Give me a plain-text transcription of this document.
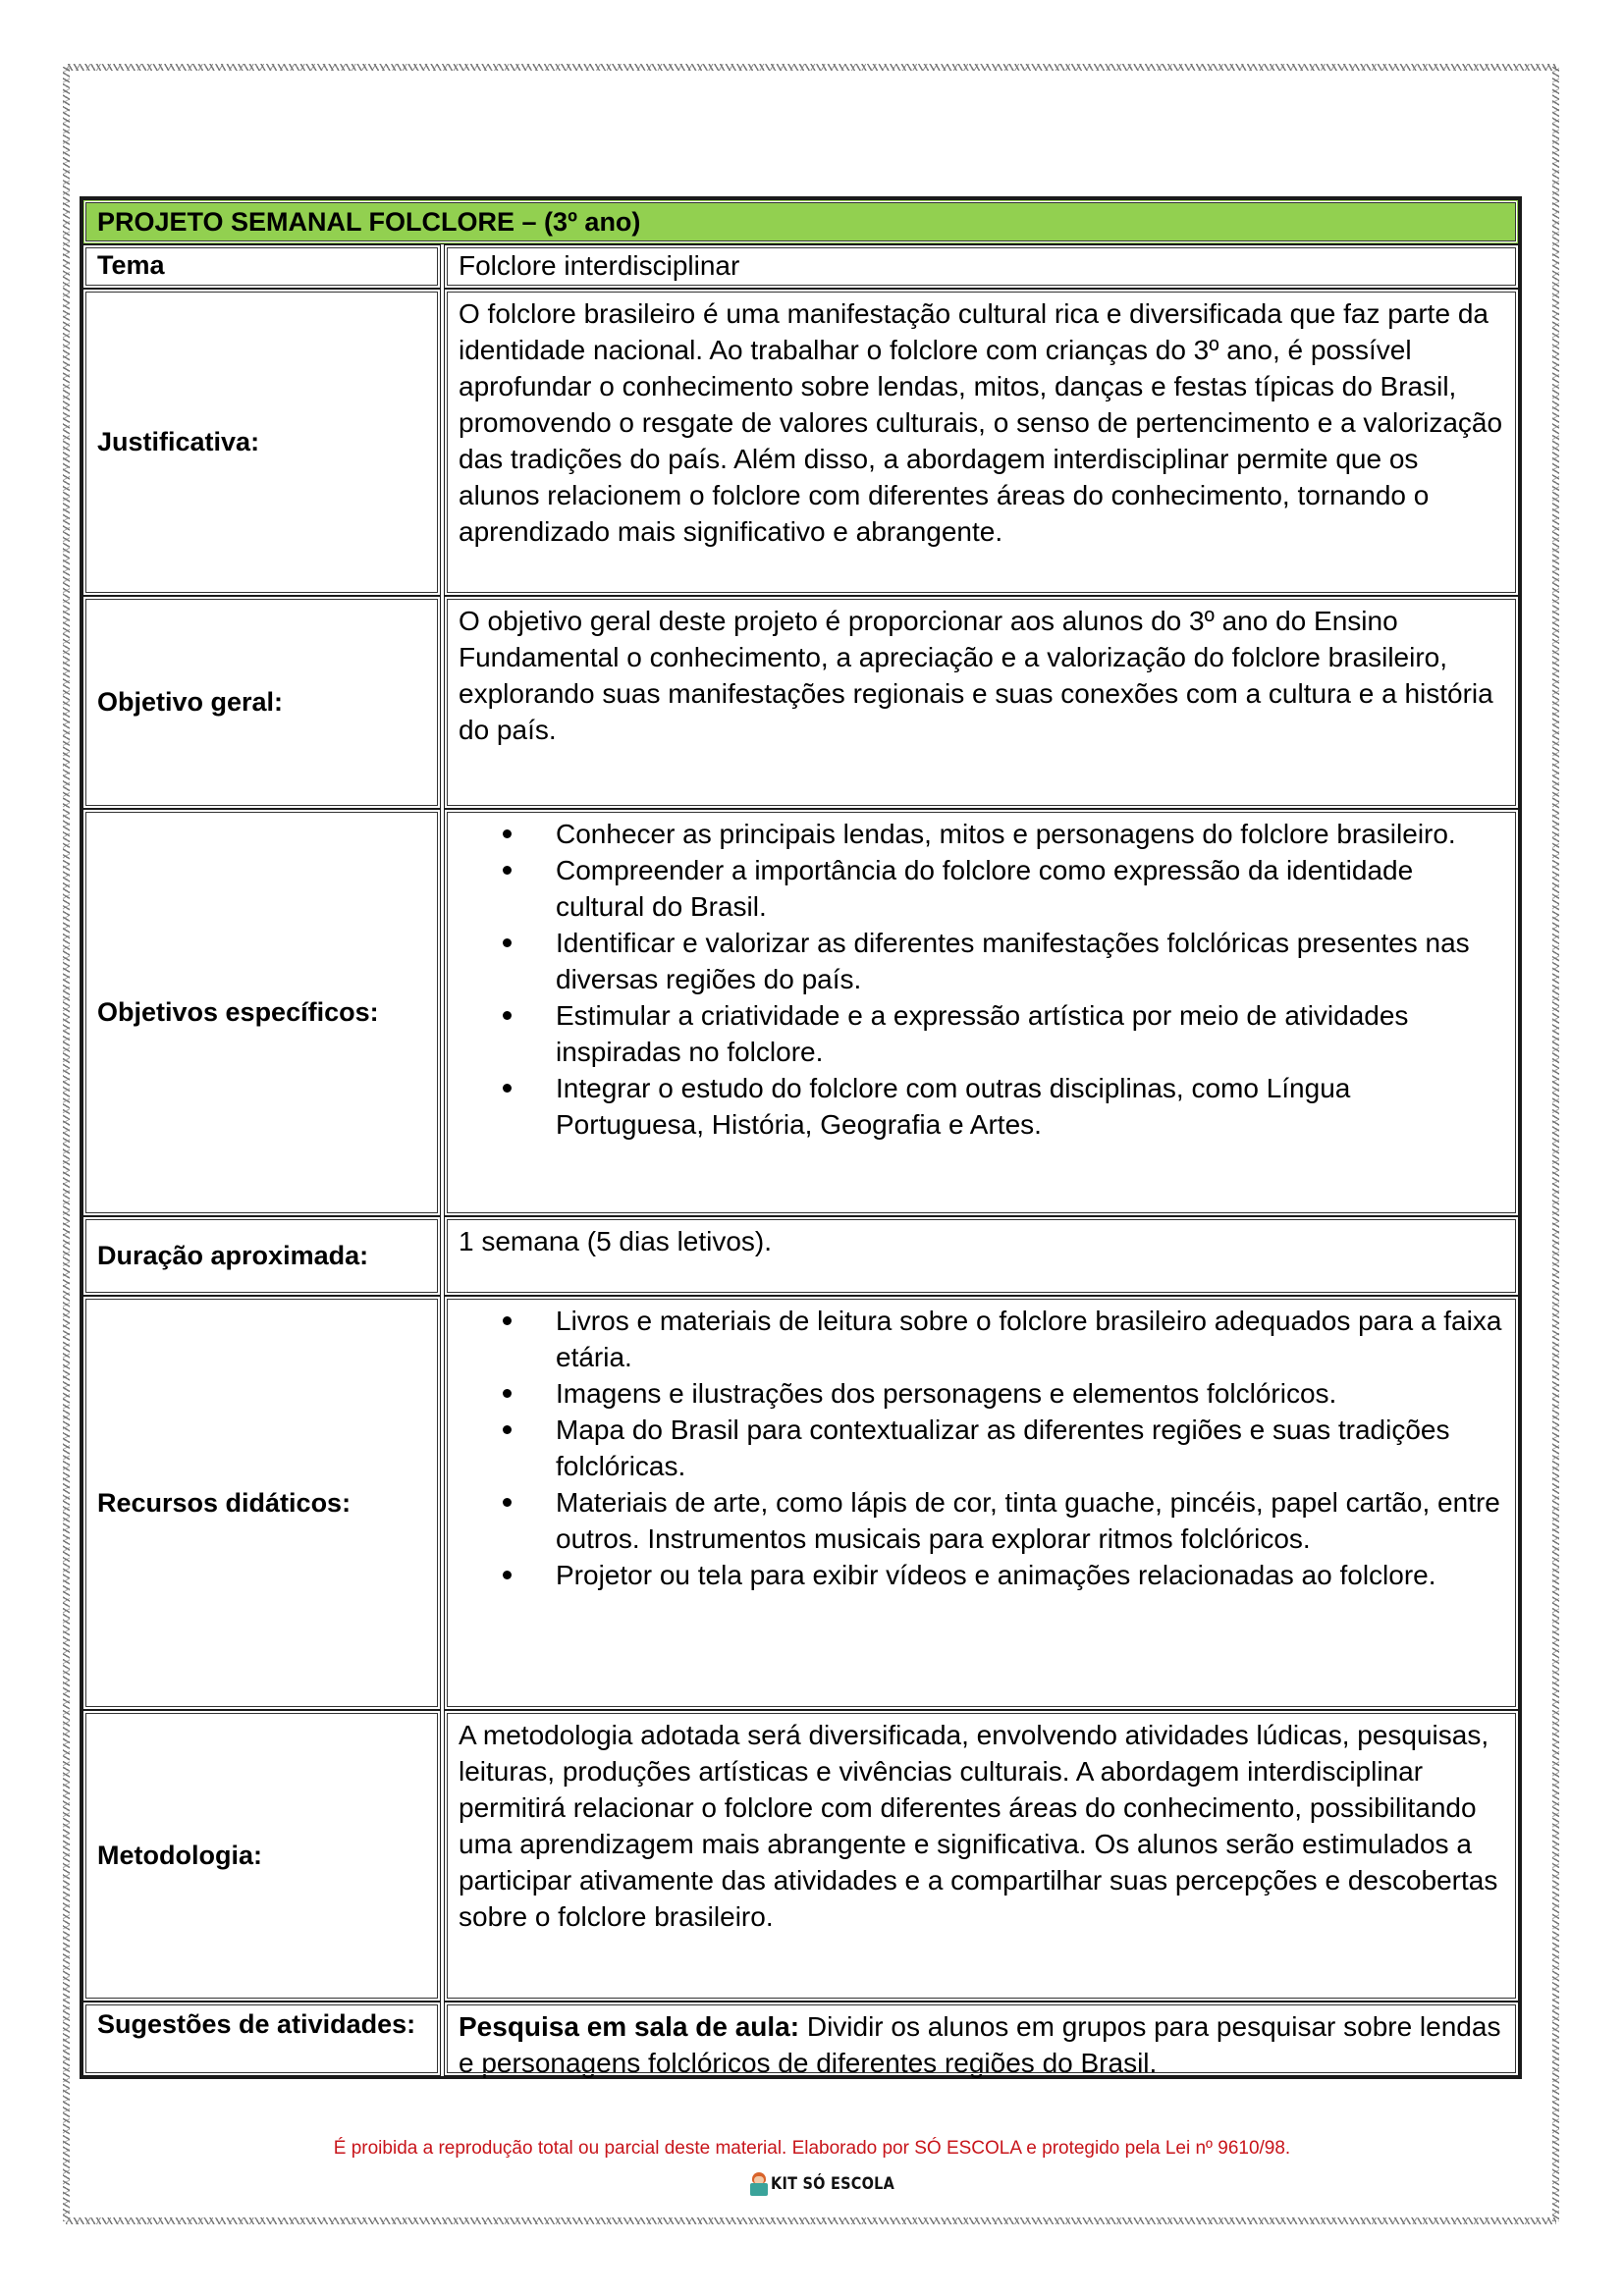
PROJETO SEMANAL FOLCLORE – (3º ano)
Tema	Folclore interdisciplinar
Justificativa:
O folclore brasileiro é uma manifestação cultural rica e diversificada que faz parte da identidade nacional. Ao trabalhar o folclore com crianças do 3º ano, é possível aprofundar o conhecimento sobre lendas, mitos, danças e festas típicas do Brasil, promovendo o resgate de valores culturais, o senso de pertencimento e a valorização das tradições do país. Além disso, a abordagem interdisciplinar permite que os alunos relacionem o folclore com diferentes áreas do conhecimento, tornando o aprendizado mais significativo e abrangente.
Objetivo geral:
O objetivo geral deste projeto é proporcionar aos alunos do 3º ano do Ensino Fundamental o conhecimento, a apreciação e a valorização do folclore brasileiro, explorando suas manifestações regionais e suas conexões com a cultura e a história do país.
Objetivos específicos:
Conhecer as principais lendas, mitos e personagens do folclore brasileiro.
Compreender a importância do folclore como expressão da identidade cultural do Brasil.
Identificar e valorizar as diferentes manifestações folclóricas presentes nas diversas regiões do país.
Estimular a criatividade e a expressão artística por meio de atividades inspiradas no folclore.
Integrar o estudo do folclore com outras disciplinas, como Língua Portuguesa, História, Geografia e Artes.
Duração aproximada:	1 semana (5 dias letivos).
Recursos didáticos:
Livros e materiais de leitura sobre o folclore brasileiro adequados para a faixa etária.
Imagens e ilustrações dos personagens e elementos folclóricos.
Mapa do Brasil para contextualizar as diferentes regiões e suas tradições folclóricas.
Materiais de arte, como lápis de cor, tinta guache, pincéis, papel cartão, entre outros. Instrumentos musicais para explorar ritmos folclóricos.
Projetor ou tela para exibir vídeos e animações relacionadas ao folclore.
Metodologia:
A metodologia adotada será diversificada, envolvendo atividades lúdicas, pesquisas, leituras, produções artísticas e vivências culturais. A abordagem interdisciplinar permitirá relacionar o folclore com diferentes áreas do conhecimento, possibilitando uma aprendizagem mais abrangente e significativa. Os alunos serão estimulados a participar ativamente das atividades e a compartilhar suas percepções e descobertas sobre o folclore brasileiro.
Sugestões de atividades:	Pesquisa em sala de aula: Dividir os alunos em grupos para pesquisar sobre lendas e personagens folclóricos de diferentes regiões do Brasil.
É proibida a reprodução total ou parcial deste material. Elaborado por SÓ ESCOLA e protegido pela Lei nº 9610/98.
KIT SÓ ESCOLA
